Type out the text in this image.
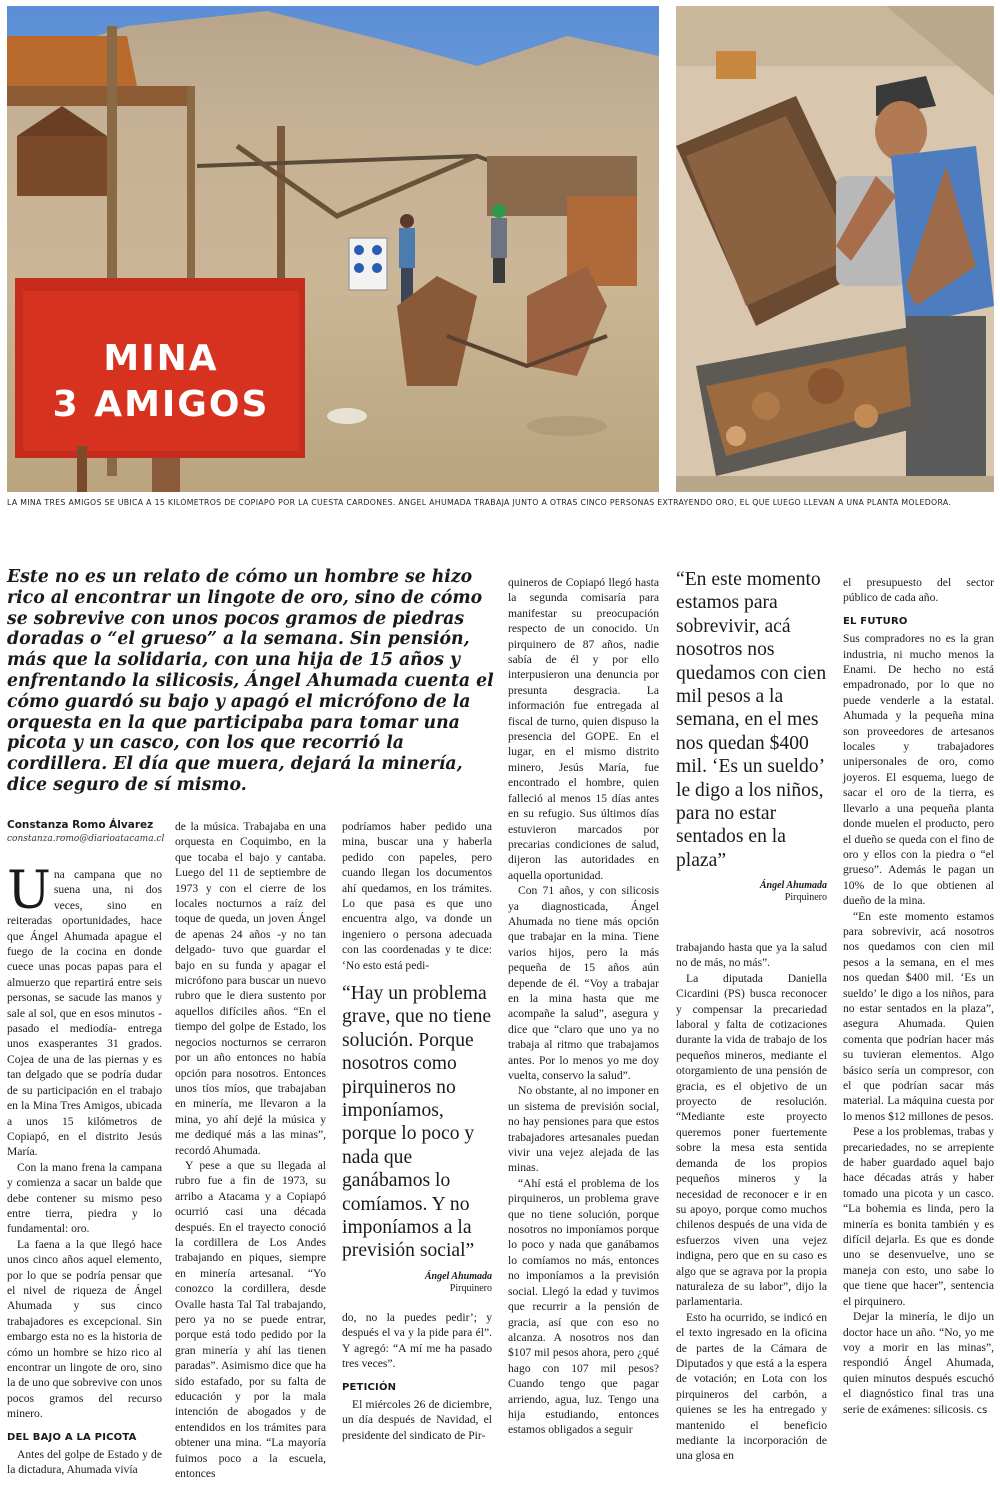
MINA
3 AMIGOS
LA MINA TRES AMIGOS SE UBICA A 15 KILÓMETROS DE COPIAPÓ POR LA CUESTA CARDONES. ÁNGEL AHUMADA TRABAJA JUNTO A OTRAS CINCO PERSONAS EXTRAYENDO ORO, EL QUE LUEGO LLEVAN A UNA PLANTA MOLEDORA.
Este no es un relato de cómo un hombre se hizo rico al encontrar un lingote de oro, sino de cómo se sobrevive con unos pocos gramos de piedras doradas o “el grueso” a la semana. Sin pensión, más que la solidaria, con una hija de 15 años y enfrentando la silicosis, Ángel Ahumada cuenta el cómo guardó su bajo y apagó el micrófono de la orquesta en la que participaba para tomar una picota y un casco, con los que recorrió la cordillera. El día que muera, dejará la minería, dice seguro de sí mismo.
Constanza Romo Álvarez
constanza.romo@diarioatacama.cl

Una campana que no suena una, ni dos veces, sino en reiteradas oportunidades, hace que Ángel Ahumada apague el fuego de la cocina en donde cuece unas pocas papas para el almuerzo que repartirá entre seis personas, se sacude las manos y sale al sol, que en esos minutos -pasado el mediodía- entrega unos exasperantes 31 grados. Cojea de una de las piernas y es tan delgado que se podría dudar de su participación en el trabajo en la Mina Tres Amigos, ubicada a unos 15 kilómetros de Copiapó, en el distrito Jesús María.

Con la mano frena la campana y comienza a sacar un balde que debe contener su mismo peso entre tierra, piedra y lo fundamental: oro.

La faena a la que llegó hace unos cinco años aquel elemento, por lo que se podría pensar que el nivel de riqueza de Ángel Ahumada y sus cinco trabajadores es excepcional. Sin embargo esta no es la historia de cómo un hombre se hizo rico al encontrar un lingote de oro, sino la de uno que sobrevive con unos pocos gramos del recurso minero.

DEL BAJO A LA PICOTA

Antes del golpe de Estado y de la dictadura, Ahumada vivía

de la música. Trabajaba en una orquesta en Coquimbo, en la que tocaba el bajo y cantaba. Luego del 11 de septiembre de 1973 y con el cierre de los locales nocturnos a raíz del toque de queda, un joven Ángel de apenas 24 años -y no tan delgado- tuvo que guardar el bajo en su funda y apagar el micrófono para buscar un nuevo rubro que le diera sustento por aquellos difíciles años. “En el tiempo del golpe de Estado, los negocios nocturnos se cerraron por un año entonces no había opción para nosotros. Entonces unos tíos míos, que trabajaban en minería, me llevaron a la mina, yo ahí dejé la música y me dediqué más a las minas”, recordó Ahumada.

Y pese a que su llegada al rubro fue a fin de 1973, su arribo a Atacama y a Copiapó ocurrió casi una década después. En el trayecto conoció la cordillera de Los Andes trabajando en piques, siempre en minería artesanal. “Yo conozco la cordillera, desde Ovalle hasta Tal Tal trabajando, pero ya no se puede entrar, porque está todo pedido por la gran minería y ahí las tienen paradas”. Asimismo dice que ha sido estafado, por su falta de educación y por la mala intención de abogados y de entendidos en los trámites para obtener una mina. “La mayoría fuimos poco a la escuela, entonces

podríamos haber pedido una mina, buscar una y haberla pedido con papeles, pero cuando llegan los documentos ahí quedamos, en los trámites. Lo que pasa es que uno encuentra algo, va donde un ingeniero o persona adecuada con las coordenadas y te dice: ‘No esto está pedi-

“Hay un problema grave, que no tiene solución. Porque nosotros como pirquineros no imponíamos, porque lo poco y nada que ganábamos lo comíamos. Y no imponíamos a la previsión social”
Ángel Ahumada
Pirquinero

do, no la puedes pedir’; y después el va y la pide para él”. Y agregó: “A mí me ha pasado tres veces”.

PETICIÓN

El miércoles 26 de diciembre, un día después de Navidad, el presidente del sindicato de Pir-

quineros de Copiapó llegó hasta la segunda comisaría para manifestar su preocupación respecto de un conocido. Un pirquinero de 87 años, nadie sabía de él y por ello interpusieron una denuncia por presunta desgracia. La información fue entregada al fiscal de turno, quien dispuso la presencia del GOPE. En el lugar, en el mismo distrito minero, Jesús María, fue encontrado el hombre, quien falleció al menos 15 días antes en su refugio. Sus últimos días estuvieron marcados por precarias condiciones de salud, dijeron las autoridades en aquella oportunidad.

Con 71 años, y con silicosis ya diagnosticada, Ángel Ahumada no tiene más opción que trabajar en la mina. Tiene varios hijos, pero la más pequeña de 15 años aún depende de él. “Voy a trabajar en la mina hasta que me acompañe la salud”, asegura y dice que “claro que uno ya no trabaja al ritmo que trabajamos antes. Por lo menos yo me doy vuelta, conservo la salud”.

No obstante, al no imponer en un sistema de previsión social, no hay pensiones para que estos trabajadores artesanales puedan vivir una vejez alejada de las minas.

“Ahí está el problema de los pirquineros, un problema grave que no tiene solución, porque nosotros no imponíamos porque lo poco y nada que ganábamos lo comíamos no más, entonces no imponíamos a la previsión social. Llegó la edad y tuvimos que recurrir a la pensión de gracia, así que con eso no alcanza. A nosotros nos dan $107 mil pesos ahora, pero ¿qué hago con 107 mil pesos? Cuando tengo que pagar arriendo, agua, luz. Tengo una hija estudiando, entonces estamos obligados a seguir

“En este momento estamos para sobrevivir, acá nosotros nos quedamos con cien mil pesos a la semana, en el mes nos quedan $400 mil. ‘Es un sueldo’ le digo a los niños, para no estar sentados en la plaza”
Ángel Ahumada
Pirquinero

trabajando hasta que ya la salud no de más, no más”.

La diputada Daniella Cicardini (PS) busca reconocer y compensar la precariedad laboral y falta de cotizaciones durante la vida de trabajo de los pequeños mineros, mediante el otorgamiento de una pensión de gracia, es el objetivo de un proyecto de resolución. “Mediante este proyecto queremos poner fuertemente sobre la mesa esta sentida demanda de los propios pequeños mineros y la necesidad de reconocer e ir en su apoyo, porque como muchos chilenos después de una vida de esfuerzos viven una vejez indigna, pero que en su caso es algo que se agrava por la propia naturaleza de su labor”, dijo la parlamentaria.

Esto ha ocurrido, se indicó en el texto ingresado en la oficina de partes de la Cámara de Diputados y que está a la espera de votación; en Lota con los pirquineros del carbón, a quienes se les ha entregado y mantenido el beneficio mediante la incorporación de una glosa en

el presupuesto del sector público de cada año.

EL FUTURO

Sus compradores no es la gran industria, ni mucho menos la Enami. De hecho no está empadronado, por lo que no puede venderle a la estatal. Ahumada y la pequeña mina son proveedores de artesanos locales y trabajadores unipersonales de oro, como joyeros. El esquema, luego de sacar el oro de la tierra, es llevarlo a una pequeña planta donde muelen el producto, pero el dueño se queda con el fino de oro y ellos con la piedra o “el grueso”. Además le pagan un 10% de lo que obtienen al dueño de la mina.

“En este momento estamos para sobrevivir, acá nosotros nos quedamos con cien mil pesos a la semana, en el mes nos quedan $400 mil. ‘Es un sueldo’ le digo a los niños, para no estar sentados en la plaza”, asegura Ahumada. Quien comenta que podrían hacer más su tuvieran elementos. Algo básico sería un compresor, con el que podrían sacar más material. La máquina cuesta por lo menos $12 millones de pesos.

Pese a los problemas, trabas y precariedades, no se arrepiente de haber guardado aquel bajo hace décadas atrás y haber tomado una picota y un casco. “La bohemia es linda, pero la minería es bonita también y es difícil dejarla. Es que es donde uno se desenvuelve, uno se maneja con esto, uno sabe lo que tiene que hacer”, sentencia el pirquinero.

Dejar la minería, le dijo un doctor hace un año. “No, yo me voy a morir en las minas”, respondió Ángel Ahumada, quien minutos después escuchó el diagnóstico final tras una serie de exámenes: silicosis. cs
